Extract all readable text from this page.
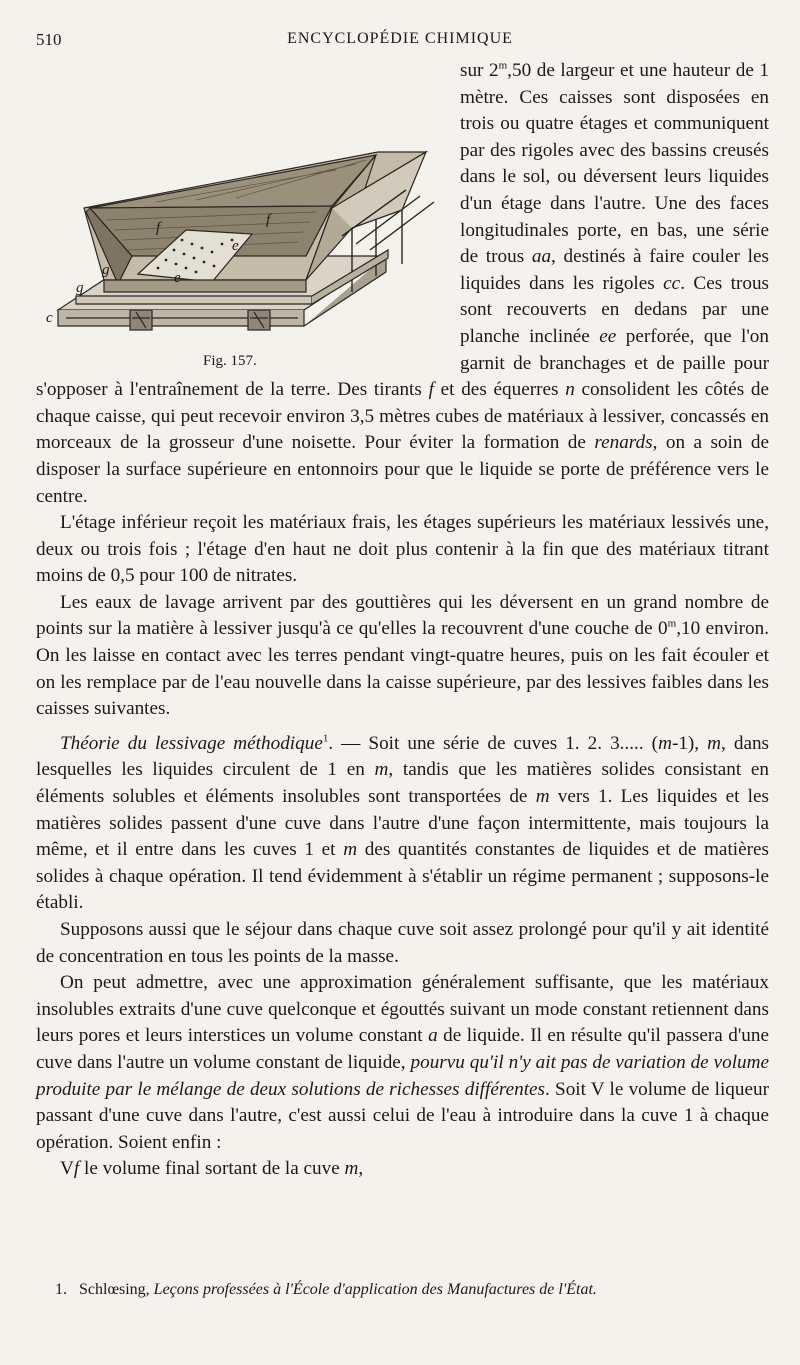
510	ENCYCLOPÉDIE CHIMIQUE
f	f
e
e
g
g
c
Fig. 157.

sur 2$^m$,50 de largeur et une hauteur de 1 mètre. Ces caisses sont disposées en trois ou quatre étages et communiquent par des rigoles avec des bassins creusés dans le sol, ou déversent leurs liquides d'un étage dans l'autre. Une des faces longitudinales porte, en bas, une série de trous aa, destinés à faire couler les liquides dans les rigoles cc. Ces trous sont recouverts en dedans par une planche inclinée ee perforée, que l'on garnit de branchages et de paille pour s'opposer à l'entraînement de la terre. Des tirants f et des équerres n consolident les côtés de chaque caisse, qui peut recevoir environ 3,5 mètres cubes de matériaux à lessiver, concassés en morceaux de la grosseur d'une noisette. Pour éviter la formation de renards, on a soin de disposer la surface supérieure en entonnoirs pour que le liquide se porte de préférence vers le centre.

L'étage inférieur reçoit les matériaux frais, les étages supérieurs les matériaux lessivés une, deux ou trois fois ; l'étage d'en haut ne doit plus contenir à la fin que des matériaux titrant moins de 0,5 pour 100 de nitrates.

Les eaux de lavage arrivent par des gouttières qui les déversent en un grand nombre de points sur la matière à lessiver jusqu'à ce qu'elles la recouvrent d'une couche de 0$^m$,10 environ. On les laisse en contact avec les terres pendant vingt-quatre heures, puis on les fait écouler et on les remplace par de l'eau nouvelle dans la caisse supérieure, par des lessives faibles dans les caisses suivantes.

Théorie du lessivage méthodique$^1$. — Soit une série de cuves 1. 2. 3..... (m-1), m, dans lesquelles les liquides circulent de 1 en m, tandis que les matières solides consistant en éléments solubles et éléments insolubles sont transportées de m vers 1. Les liquides et les matières solides passent d'une cuve dans l'autre d'une façon intermittente, mais toujours la même, et il entre dans les cuves 1 et m des quantités constantes de liquides et de matières solides à chaque opération. Il tend évidemment à s'établir un régime permanent ; supposons-le établi.

Supposons aussi que le séjour dans chaque cuve soit assez prolongé pour qu'il y ait identité de concentration en tous les points de la masse.

On peut admettre, avec une approximation généralement suffisante, que les matériaux insolubles extraits d'une cuve quelconque et égouttés suivant un mode constant retiennent dans leurs pores et leurs interstices un volume constant a de liquide. Il en résulte qu'il passera d'une cuve dans l'autre un volume constant de liquide, pourvu qu'il n'y ait pas de variation de volume produite par le mélange de deux solutions de richesses différentes. Soit V le volume de liqueur passant d'une cuve dans l'autre, c'est aussi celui de l'eau à introduire dans la cuve 1 à chaque opération. Soient enfin :

Vf le volume final sortant de la cuve m,

1. Schlœsing, Leçons professées à l'École d'application des Manufactures de l'État.
